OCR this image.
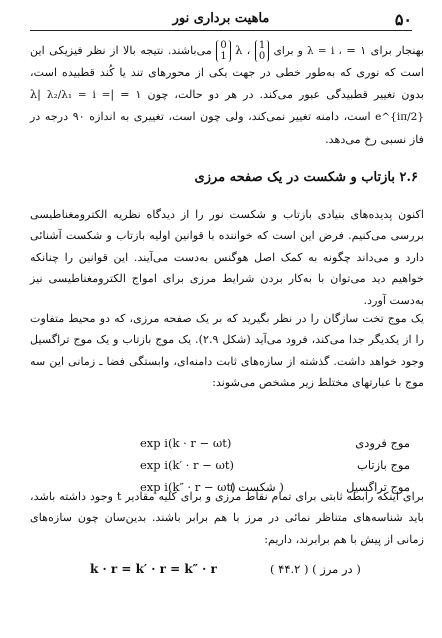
۵۰
ماهیت برداری نور
بهنجار برای ۱ = λ ، 1
0 و برای λ = i ، 0
1 می‌باشند. نتیجه بالا از نظر فیزیکی این است که نوری که به‌طور خطی در جهت یکی از محورهای تند یا کُند قطبیده است، بدون تغییر قطبیدگی عبور می‌کند. در هر دو حالت، چون ۱ = |λ| λ₂/λ₁ = i = e^{iπ/2} است، دامنه تغییر نمی‌کند، ولی چون است، تغییری به اندازه ۹۰ درجه در فاز نسبی رخ می‌دهد.
۲.۶ بازتاب و شکست در یک صفحه مرزی
اکنون پدیده‌های بنیادی بازتاب و شکست نور را از دیدگاه نظریه الکترومغناطیسی بررسی می‌کنیم. فرض این است که خواننده با قوانین اولیه بازتاب و شکست آشنائی دارد و می‌داند چگونه به کمک اصل هوگنس به‌دست می‌آیند. این قوانین را چنانکه خواهیم دید می‌توان با به‌کار بردن شرایط مرزی برای امواج الکترومغناطیسی نیز به‌دست آورد.
یک موج تخت سازگان را در نظر بگیرید که بر یک صفحه مرزی، که دو محیط متفاوت را از یکدیگر جدا می‌کند، فرود می‌آید (شکل ۲.۹). یک موج بازتاب و یک موج تراگسیل وجود خواهد داشت. گذشته از سازه‌های ثابت دامنه‌ای، وابستگی فضا ـ زمانی این سه موج با عبارتهای مختلط زیر مشخص می‌شوند:
موج فرودی
exp i(k · r − ωt)
موج بازتاب
exp i(k′ · r − ωt)
موج تراگسیل
exp i(k″ · r − ωt)
( شکست )
برای اینکه رابطه ثابتی برای تمام نقاط مرزی و برای کلیه مقادیر t وجود داشته باشد، باید شناسه‌های متناظر نمائی در مرز با هم برابر باشند. بدین‌سان چون سازه‌های زمانی از پیش با هم برابرند، داریم:
k · r = k′ · r = k″ · r	( در مرز ) ( ۴۴.۲ )
